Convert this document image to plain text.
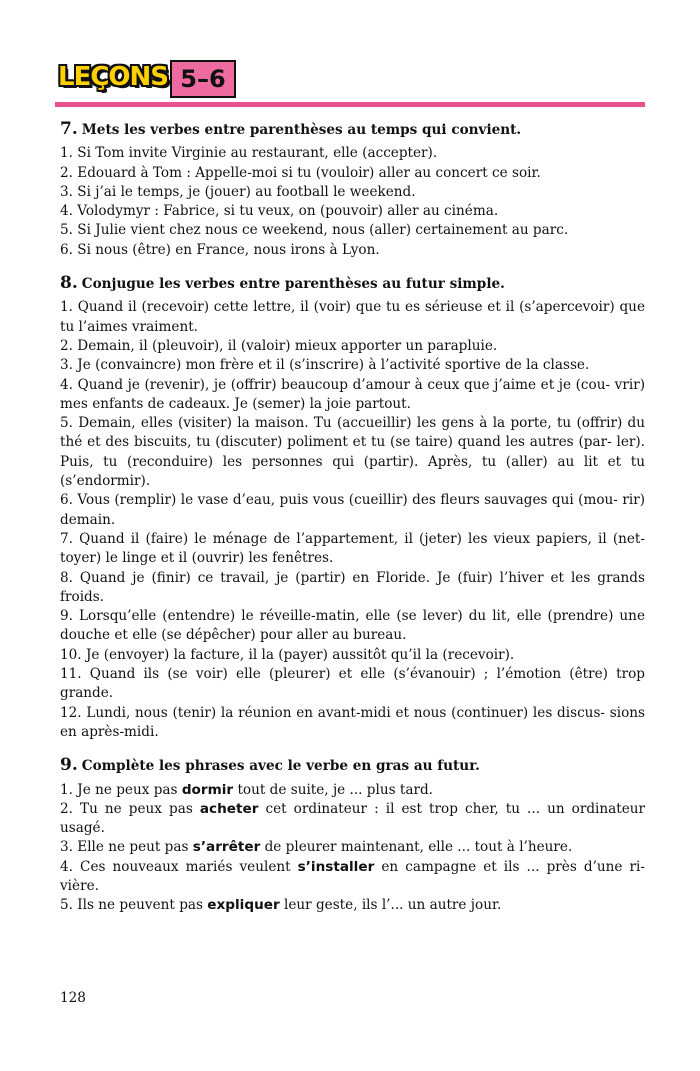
LEÇONS 5–6
7. Mets les verbes entre parenthèses au temps qui convient.
1. Si Tom invite Virginie au restaurant, elle (accepter).
2. Edouard à Tom : Appelle-moi si tu (vouloir) aller au concert ce soir.
3. Si j’ai le temps, je (jouer) au football le weekend.
4. Volodymyr : Fabrice, si tu veux, on (pouvoir) aller au cinéma.
5. Si Julie vient chez nous ce weekend, nous (aller) certainement au parc.
6. Si nous (être) en France, nous irons à Lyon.
8. Conjugue les verbes entre parenthèses au futur simple.
1. Quand il (recevoir) cette lettre, il (voir) que tu es sérieuse et il (s’apercevoir) que tu l’aimes vraiment.
2. Demain, il (pleuvoir), il (valoir) mieux apporter un parapluie.
3. Je (convaincre) mon frère et il (s’inscrire) à l’activité sportive de la classe.
4. Quand je (revenir), je (offrir) beaucoup d’amour à ceux que j’aime et je (cou- vrir) mes enfants de cadeaux. Je (semer) la joie partout.
5. Demain, elles (visiter) la maison. Tu (accueillir) les gens à la porte, tu (offrir) du thé et des biscuits, tu (discuter) poliment et tu (se taire) quand les autres (par- ler). Puis, tu (reconduire) les personnes qui (partir). Après, tu (aller) au lit et tu (s’endormir).
6. Vous (remplir) le vase d’eau, puis vous (cueillir) des fleurs sauvages qui (mou- rir) demain.
7. Quand il (faire) le ménage de l’appartement, il (jeter) les vieux papiers, il (net- toyer) le linge et il (ouvrir) les fenêtres.
8. Quand je (finir) ce travail, je (partir) en Floride. Je (fuir) l’hiver et les grands froids.
9. Lorsqu’elle (entendre) le réveille-matin, elle (se lever) du lit, elle (prendre) une douche et elle (se dépêcher) pour aller au bureau.
10. Je (envoyer) la facture, il la (payer) aussitôt qu’il la (recevoir).
11. Quand ils (se voir) elle (pleurer) et elle (s’évanouir) ; l’émotion (être) trop grande.
12. Lundi, nous (tenir) la réunion en avant-midi et nous (continuer) les discus- sions en après-midi.
9. Complète les phrases avec le verbe en gras au futur.
1. Je ne peux pas dormir tout de suite, je ... plus tard.
2. Tu ne peux pas acheter cet ordinateur : il est trop cher, tu ... un ordinateur usagé.
3. Elle ne peut pas s’arrêter de pleurer maintenant, elle ... tout à l’heure.
4. Ces nouveaux mariés veulent s’installer en campagne et ils ... près d’une ri- vière.
5. Ils ne peuvent pas expliquer leur geste, ils l’... un autre jour.
128
